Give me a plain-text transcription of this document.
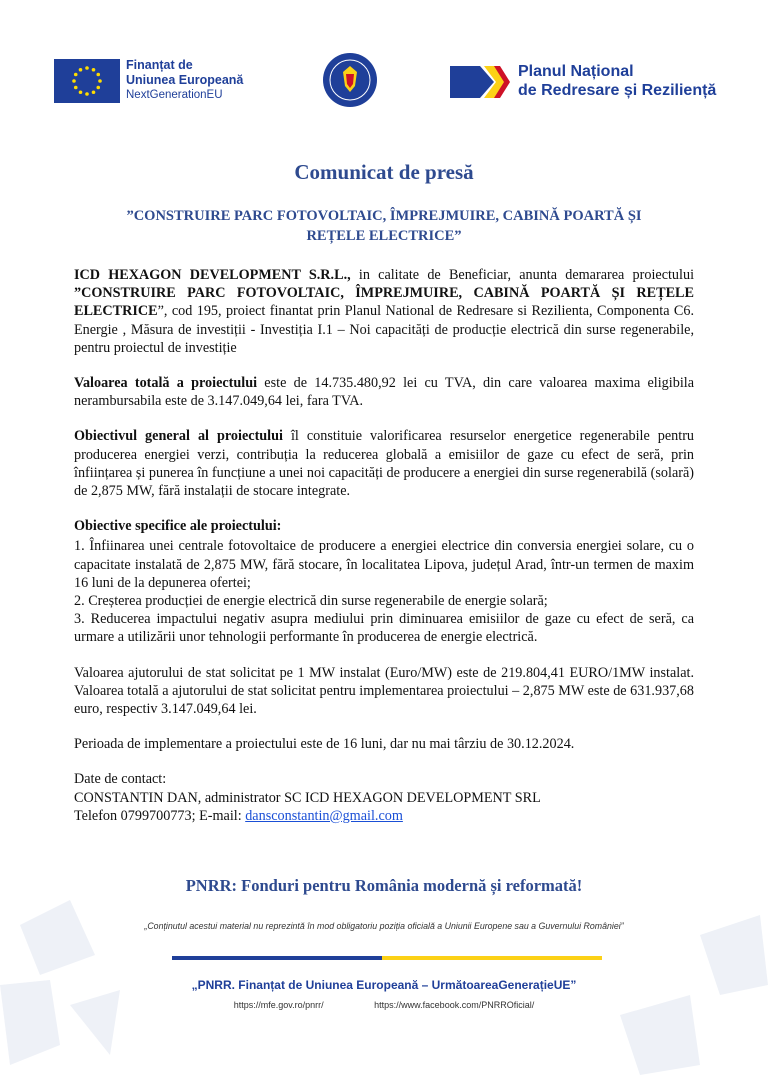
Finanțat de
Uniunea Europeană
NextGenerationEU
Planul Național
de Redresare și Reziliență
Comunicat de presă
”CONSTRUIRE PARC FOTOVOLTAIC, ÎMPREJMUIRE, CABINĂ POARTĂ ȘI REȚELE ELECTRICE”

ICD HEXAGON DEVELOPMENT S.R.L., in calitate de Beneficiar, anunta demararea proiectului ”CONSTRUIRE PARC FOTOVOLTAIC, ÎMPREJMUIRE, CABINĂ POARTĂ ȘI REȚELE ELECTRICE”, cod 195, proiect finantat prin Planul National de Redresare si Rezilienta, Componenta C6. Energie , Măsura de investiții - Investiția I.1 – Noi capacități de producție electrică din surse regenerabile, pentru proiectul de investiție

Valoarea totală a proiectului este de 14.735.480,92 lei cu TVA, din care valoarea maxima eligibila nerambursabila este de 3.147.049,64 lei, fara TVA.

Obiectivul general al proiectului îl constituie valorificarea resurselor energetice regenerabile pentru producerea energiei verzi, contribuția la reducerea globală a emisiilor de gaze cu efect de seră, prin înființarea și punerea în funcțiune a unei noi capacități de producere a energiei din surse regenerabilă (solară) de 2,875 MW, fără instalații de stocare integrate.

Obiective specifice ale proiectului:

1. Înfiinarea unei centrale fotovoltaice de producere a energiei electrice din conversia energiei solare, cu o capacitate instalată de 2,875 MW, fără stocare, în localitatea Lipova, județul Arad, într-un termen de maxim 16 luni de la depunerea ofertei;
2. Creșterea producției de energie electrică din surse regenerabile de energie solară;
3. Reducerea impactului negativ asupra mediului prin diminuarea emisiilor de gaze cu efect de seră, ca urmare a utilizării unor tehnologii performante în producerea de energie electrică.

Valoarea ajutorului de stat solicitat pe 1 MW instalat (Euro/MW) este de 219.804,41 EURO/1MW instalat. Valoarea totală a ajutorului de stat solicitat pentru implementarea proiectului – 2,875 MW este de 631.937,68 euro, respectiv 3.147.049,64 lei.

Perioada de implementare a proiectului este de 16 luni, dar nu mai târziu de 30.12.2024.

Date de contact:
CONSTANTIN DAN, administrator SC ICD HEXAGON DEVELOPMENT SRL
Telefon 0799700773; E-mail: dansconstantin@gmail.com
PNRR: Fonduri pentru România modernă și reformată!
„Conținutul acestui material nu reprezintă în mod obligatoriu poziția oficială a Uniunii Europene sau a Guvernului României”
„PNRR. Finanțat de Uniunea Europeană – UrmătoareaGenerațieUE”
https://mfe.gov.ro/pnrr/	https://www.facebook.com/PNRROficial/
